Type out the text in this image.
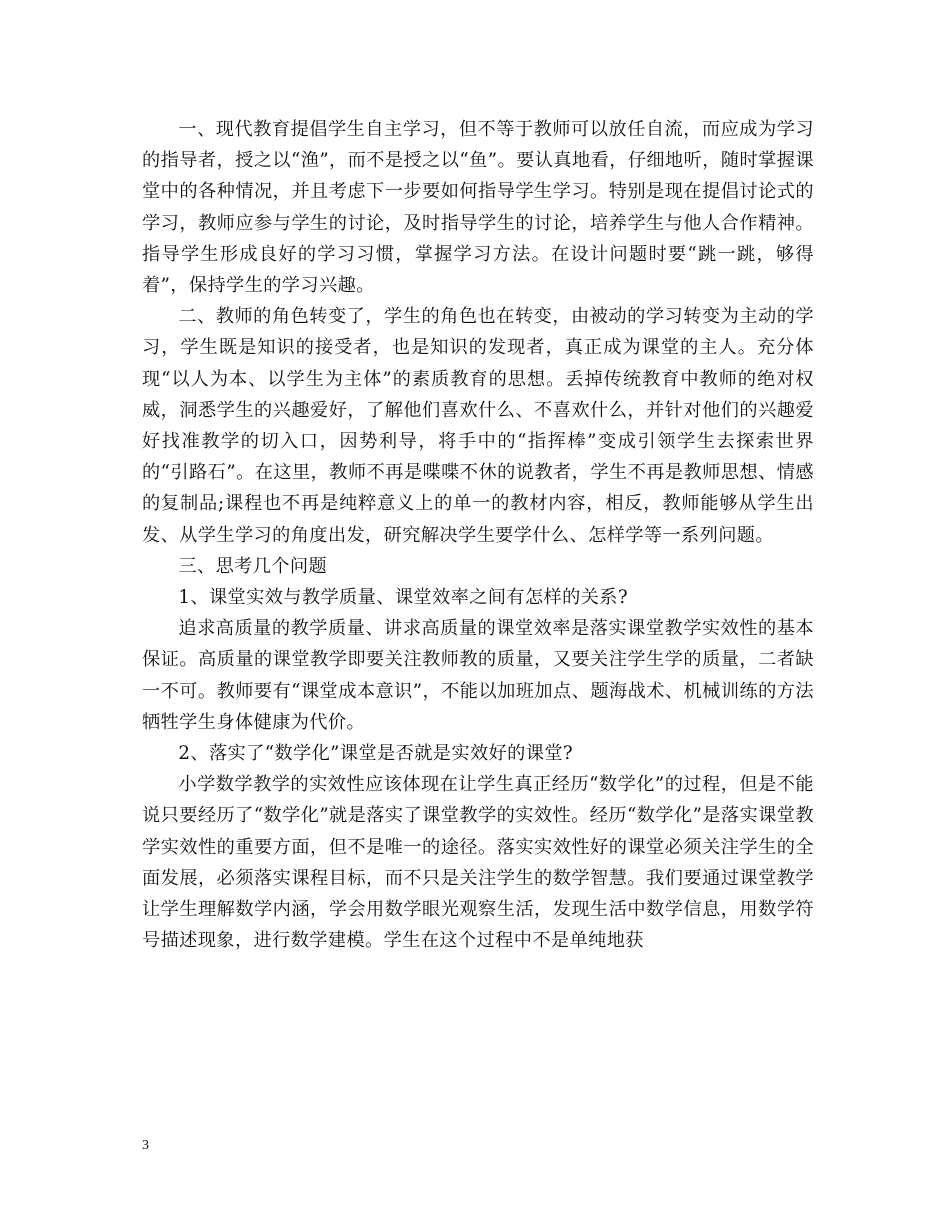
一、现代教育提倡学生自主学习，但不等于教师可以放任自流，而应成为学习的指导者，授之以“渔”，而不是授之以“鱼”。要认真地看，仔细地听，随时掌握课堂中的各种情况，并且考虑下一步要如何指导学生学习。特别是现在提倡讨论式的学习，教师应参与学生的讨论，及时指导学生的讨论，培养学生与他人合作精神。指导学生形成良好的学习习惯，掌握学习方法。在设计问题时要“跳一跳，够得着”，保持学生的学习兴趣。

二、教师的角色转变了，学生的角色也在转变，由被动的学习转变为主动的学习，学生既是知识的接受者，也是知识的发现者，真正成为课堂的主人。充分体现“以人为本、以学生为主体”的素质教育的思想。丢掉传统教育中教师的绝对权威，洞悉学生的兴趣爱好，了解他们喜欢什么、不喜欢什么，并针对他们的兴趣爱好找准教学的切入口，因势利导，将手中的“指挥棒”变成引领学生去探索世界的“引路石”。在这里，教师不再是喋喋不休的说教者，学生不再是教师思想、情感的复制品;课程也不再是纯粹意义上的单一的教材内容，相反，教师能够从学生出发、从学生学习的角度出发，研究解决学生要学什么、怎样学等一系列问题。

三、思考几个问题

1、课堂实效与教学质量、课堂效率之间有怎样的关系?

追求高质量的教学质量、讲求高质量的课堂效率是落实课堂教学实效性的基本保证。高质量的课堂教学即要关注教师教的质量，又要关注学生学的质量，二者缺一不可。教师要有“课堂成本意识”，不能以加班加点、题海战术、机械训练的方法牺牲学生身体健康为代价。

2、落实了“数学化”课堂是否就是实效好的课堂?

小学数学教学的实效性应该体现在让学生真正经历“数学化”的过程，但是不能说只要经历了“数学化”就是落实了课堂教学的实效性。经历“数学化”是落实课堂教学实效性的重要方面，但不是唯一的途径。落实实效性好的课堂必须关注学生的全面发展，必须落实课程目标，而不只是关注学生的数学智慧。我们要通过课堂教学让学生理解数学内涵，学会用数学眼光观察生活，发现生活中数学信息，用数学符号描述现象，进行数学建模。学生在这个过程中不是单纯地获

3
